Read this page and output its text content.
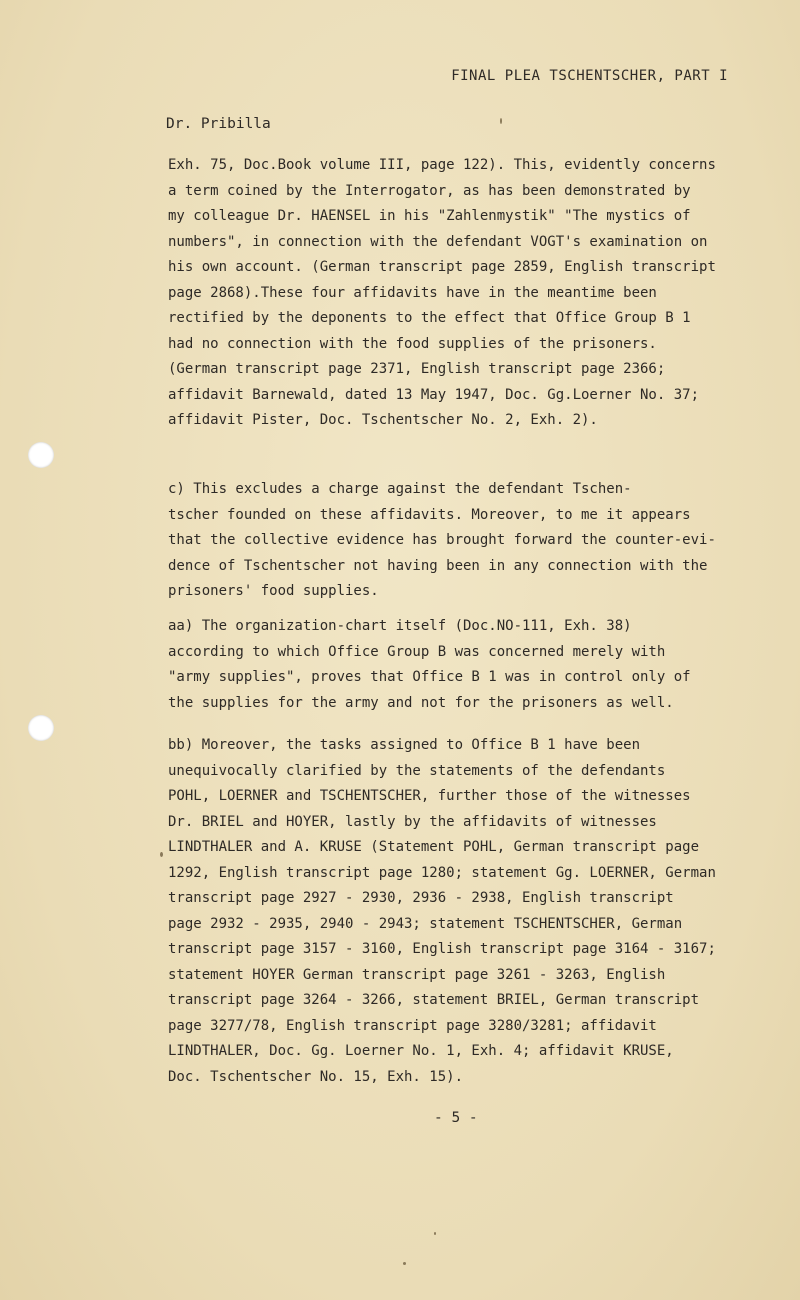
FINAL PLEA TSCHENTSCHER, PART I
Dr. Pribilla
Exh. 75, Doc.Book volume III, page 122). This, evidently concerns
a term coined by the Interrogator, as has been demonstrated by
my colleague Dr. HAENSEL in his "Zahlenmystik" "The mystics of
numbers", in connection with the defendant VOGT's examination on
his own account. (German transcript page 2859, English transcript
page 2868).These four affidavits have in the meantime been
rectified by the deponents to the effect that Office Group B 1
had no connection with the food supplies of the prisoners.
(German transcript page 2371, English transcript page 2366;
affidavit Barnewald, dated 13 May 1947, Doc. Gg.Loerner No. 37;
affidavit Pister, Doc. Tschentscher No. 2, Exh. 2).
c) This excludes a charge against the defendant Tschen-
tscher founded on these affidavits. Moreover, to me it appears
that the collective evidence has brought forward the counter-evi-
dence of Tschentscher not having been in any connection with the
prisoners' food supplies.
aa) The organization-chart itself (Doc.NO-111, Exh. 38)
according to which Office Group B was concerned merely with
"army supplies", proves that Office B 1 was in control only of
the supplies for the army and not for the prisoners as well.
bb) Moreover, the tasks assigned to Office B 1 have been
unequivocally clarified by the statements of the defendants
POHL, LOERNER and TSCHENTSCHER, further those of the witnesses
Dr. BRIEL and HOYER, lastly by the affidavits of witnesses
LINDTHALER and A. KRUSE (Statement POHL, German transcript page
1292, English transcript page 1280; statement Gg. LOERNER, German
transcript page 2927 - 2930, 2936 - 2938, English transcript
page 2932 - 2935, 2940 - 2943; statement TSCHENTSCHER, German
transcript page 3157 - 3160, English transcript page 3164 - 3167;
statement HOYER German transcript page 3261 - 3263, English
transcript page 3264 - 3266, statement BRIEL, German transcript
page 3277/78, English transcript page 3280/3281; affidavit
LINDTHALER, Doc. Gg. Loerner No. 1, Exh. 4; affidavit KRUSE,
Doc. Tschentscher No. 15, Exh. 15).
- 5 -
